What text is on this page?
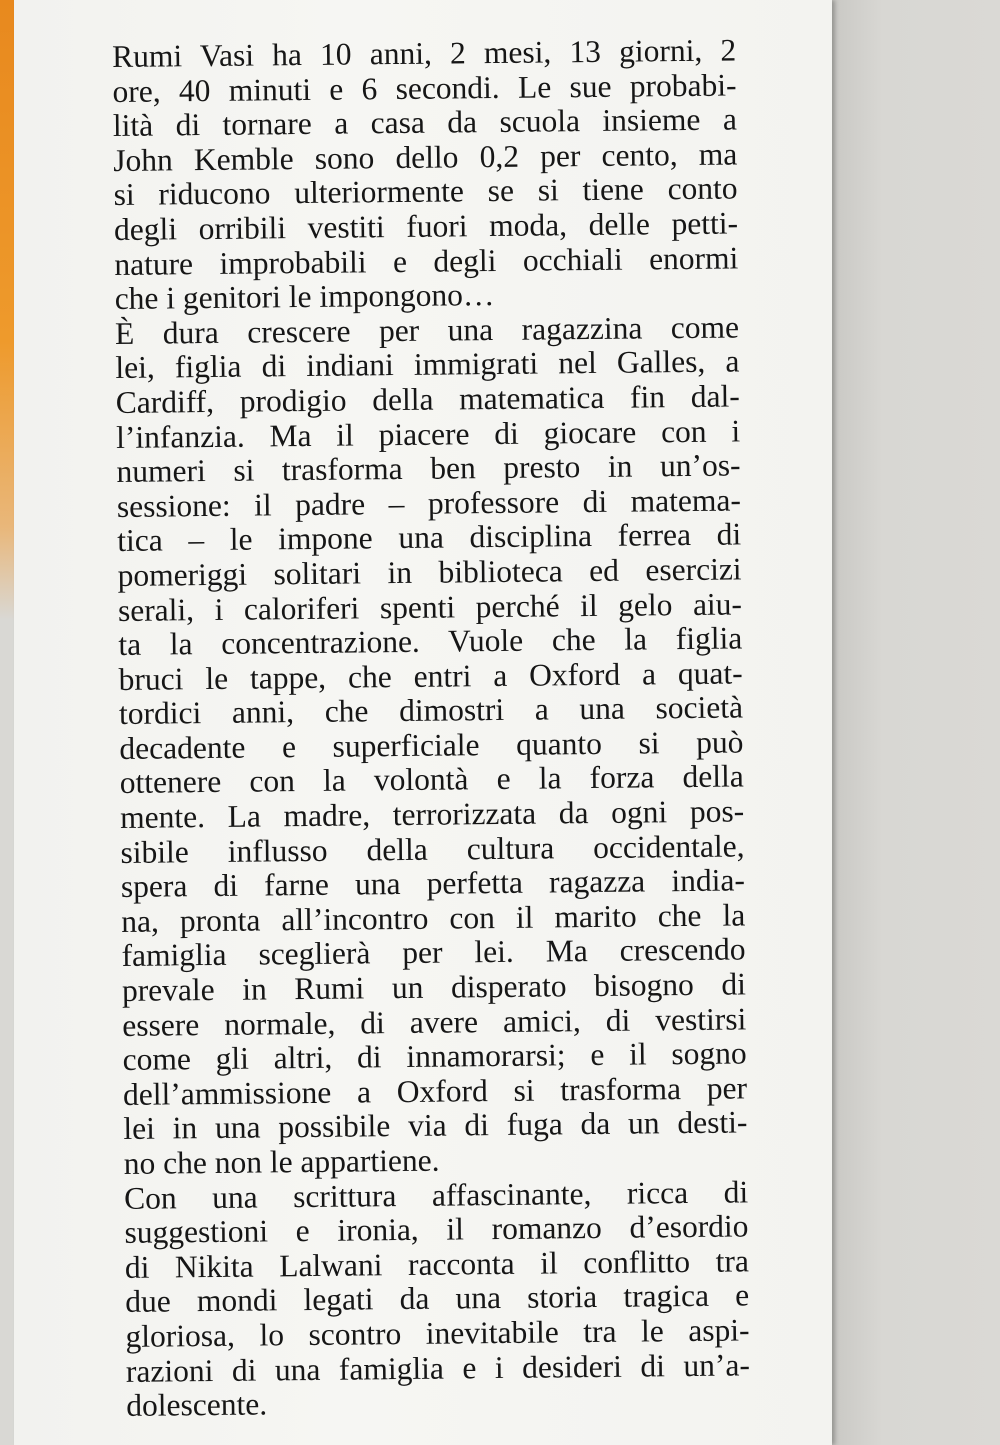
Rumi Vasi ha 10 anni, 2 mesi, 13 giorni, 2
ore, 40 minuti e 6 secondi. Le sue probabi-
lità di tornare a casa da scuola insieme a
John Kemble sono dello 0,2 per cento, ma
si riducono ulteriormente se si tiene conto
degli orribili vestiti fuori moda, delle petti-
nature improbabili e degli occhiali enormi
che i genitori le impongono…
È dura crescere per una ragazzina come
lei, figlia di indiani immigrati nel Galles, a
Cardiff, prodigio della matematica fin dal-
l’infanzia. Ma il piacere di giocare con i
numeri si trasforma ben presto in un’os-
sessione: il padre – professore di matema-
tica – le impone una disciplina ferrea di
pomeriggi solitari in biblioteca ed esercizi
serali, i caloriferi spenti perché il gelo aiu-
ta la concentrazione. Vuole che la figlia
bruci le tappe, che entri a Oxford a quat-
tordici anni, che dimostri a una società
decadente e superficiale quanto si può
ottenere con la volontà e la forza della
mente. La madre, terrorizzata da ogni pos-
sibile influsso della cultura occidentale,
spera di farne una perfetta ragazza india-
na, pronta all’incontro con il marito che la
famiglia sceglierà per lei. Ma crescendo
prevale in Rumi un disperato bisogno di
essere normale, di avere amici, di vestirsi
come gli altri, di innamorarsi; e il sogno
dell’ammissione a Oxford si trasforma per
lei in una possibile via di fuga da un desti-
no che non le appartiene.
Con una scrittura affascinante, ricca di
suggestioni e ironia, il romanzo d’esordio
di Nikita Lalwani racconta il conflitto tra
due mondi legati da una storia tragica e
gloriosa, lo scontro inevitabile tra le aspi-
razioni di una famiglia e i desideri di un’a-
dolescente.
